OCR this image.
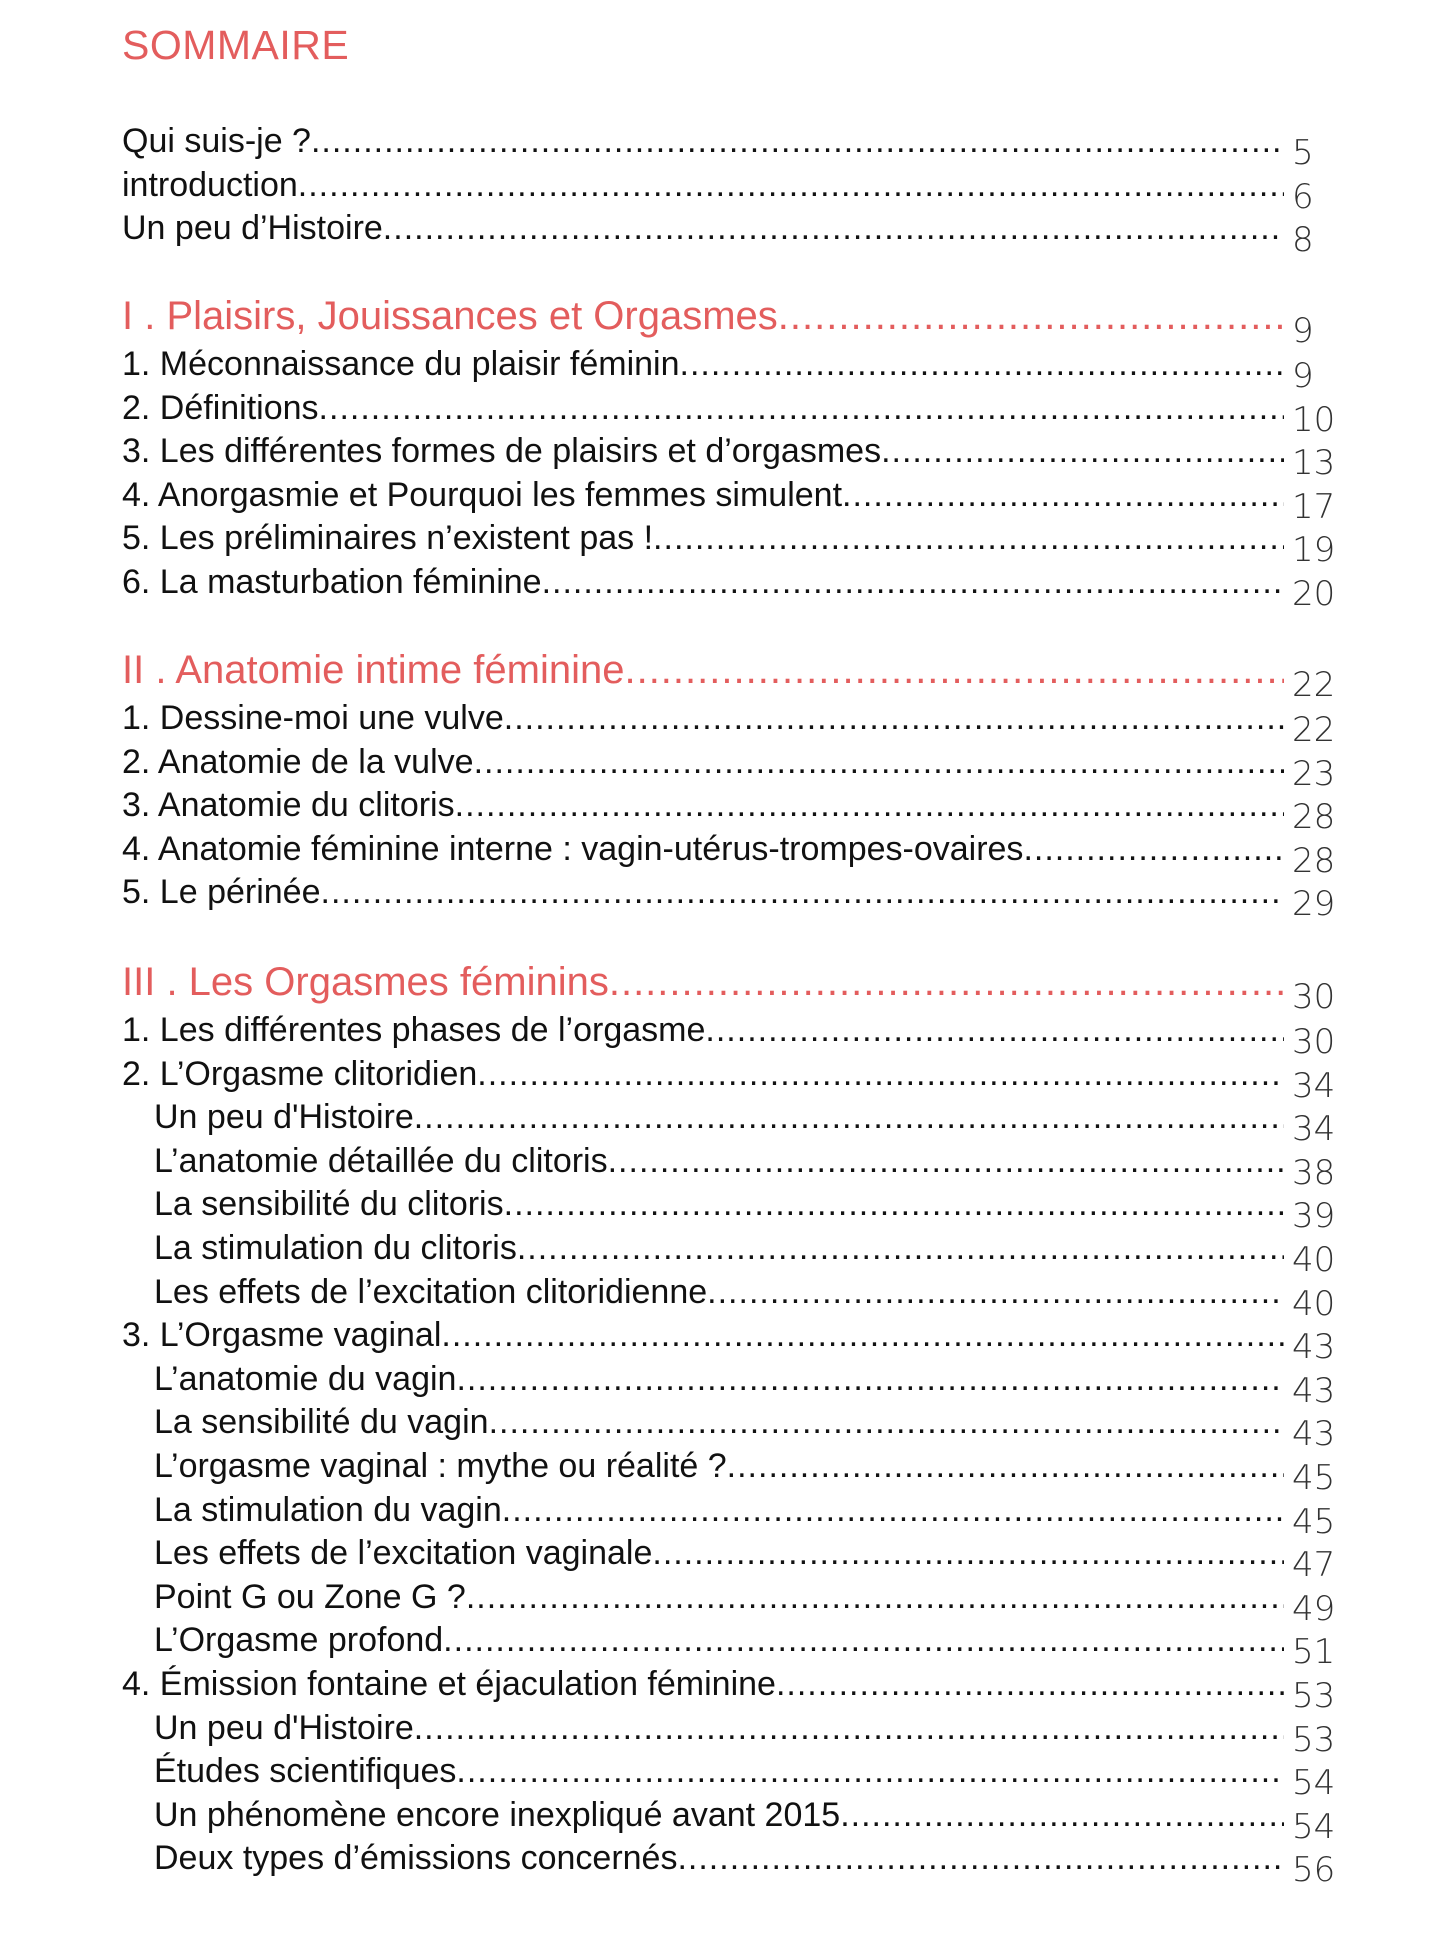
SOMMAIRE
Qui suis-je ? .....	5
introduction .....	6
Un peu d’Histoire .....	8
I . Plaisirs, Jouissances et Orgasmes .....	9
1. Méconnaissance du plaisir féminin .....	9
2. Définitions .....	10
3. Les différentes formes de plaisirs et d’orgasmes .....	13
4. Anorgasmie et Pourquoi les femmes simulent .....	17
5. Les préliminaires n’existent pas ! .....	19
6. La masturbation féminine .....	20
II . Anatomie intime féminine .....	22
1. Dessine-moi une vulve .....	22
2. Anatomie de la vulve .....	23
3. Anatomie du clitoris .....	28
4. Anatomie féminine interne : vagin-utérus-trompes-ovaires .....	28
5. Le périnée .....	29
III . Les Orgasmes féminins .....	30
1. Les différentes phases de l’orgasme .....	30
2. L’Orgasme clitoridien .....	34
Un peu d'Histoire .....	34
L’anatomie détaillée du clitoris .....	38
La sensibilité du clitoris .....	39
La stimulation du clitoris .....	40
Les effets de l’excitation clitoridienne .....	40
3. L’Orgasme vaginal .....	43
L’anatomie du vagin .....	43
La sensibilité du vagin .....	43
L’orgasme vaginal : mythe ou réalité ? .....	45
La stimulation du vagin .....	45
Les effets de l’excitation vaginale .....	47
Point G ou Zone G ? .....	49
L’Orgasme profond .....	51
4. Émission fontaine et éjaculation féminine .....	53
Un peu d'Histoire .....	53
Études scientifiques .....	54
Un phénomène encore inexpliqué avant 2015 .....	54
Deux types d’émissions concernés .....	56
